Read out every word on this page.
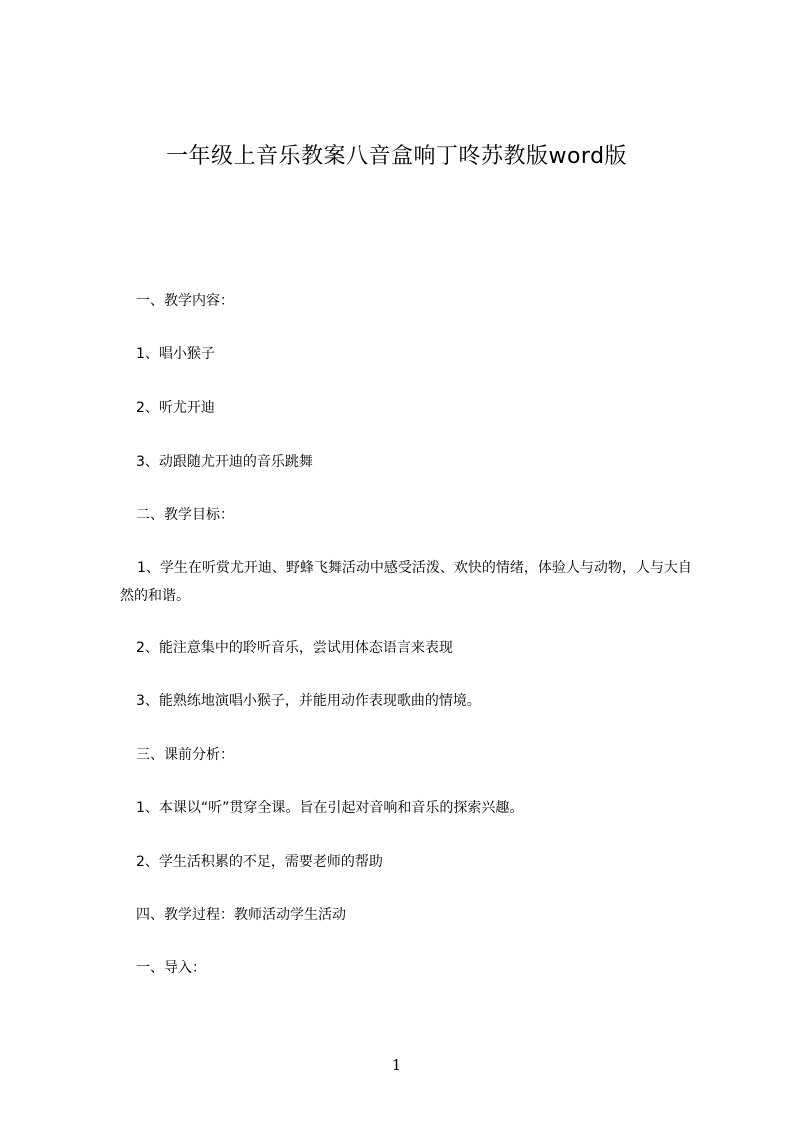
一年级上音乐教案八音盒响丁咚苏教版word版
一、教学内容：
1、唱小猴子
2、听尤开迪
3、动跟随尤开迪的音乐跳舞
二、教学目标：
1、学生在听赏尤开迪、野蜂飞舞活动中感受活泼、欢快的情绪，体验人与动物，人与大自然的和谐。
2、能注意集中的聆听音乐，尝试用体态语言来表现
3、能熟练地演唱小猴子，并能用动作表现歌曲的情境。
三、课前分析：
1、本课以“听”贯穿全课。旨在引起对音响和音乐的探索兴趣。
2、学生活积累的不足，需要老师的帮助
四、教学过程：教师活动学生活动
一、导入：
1
